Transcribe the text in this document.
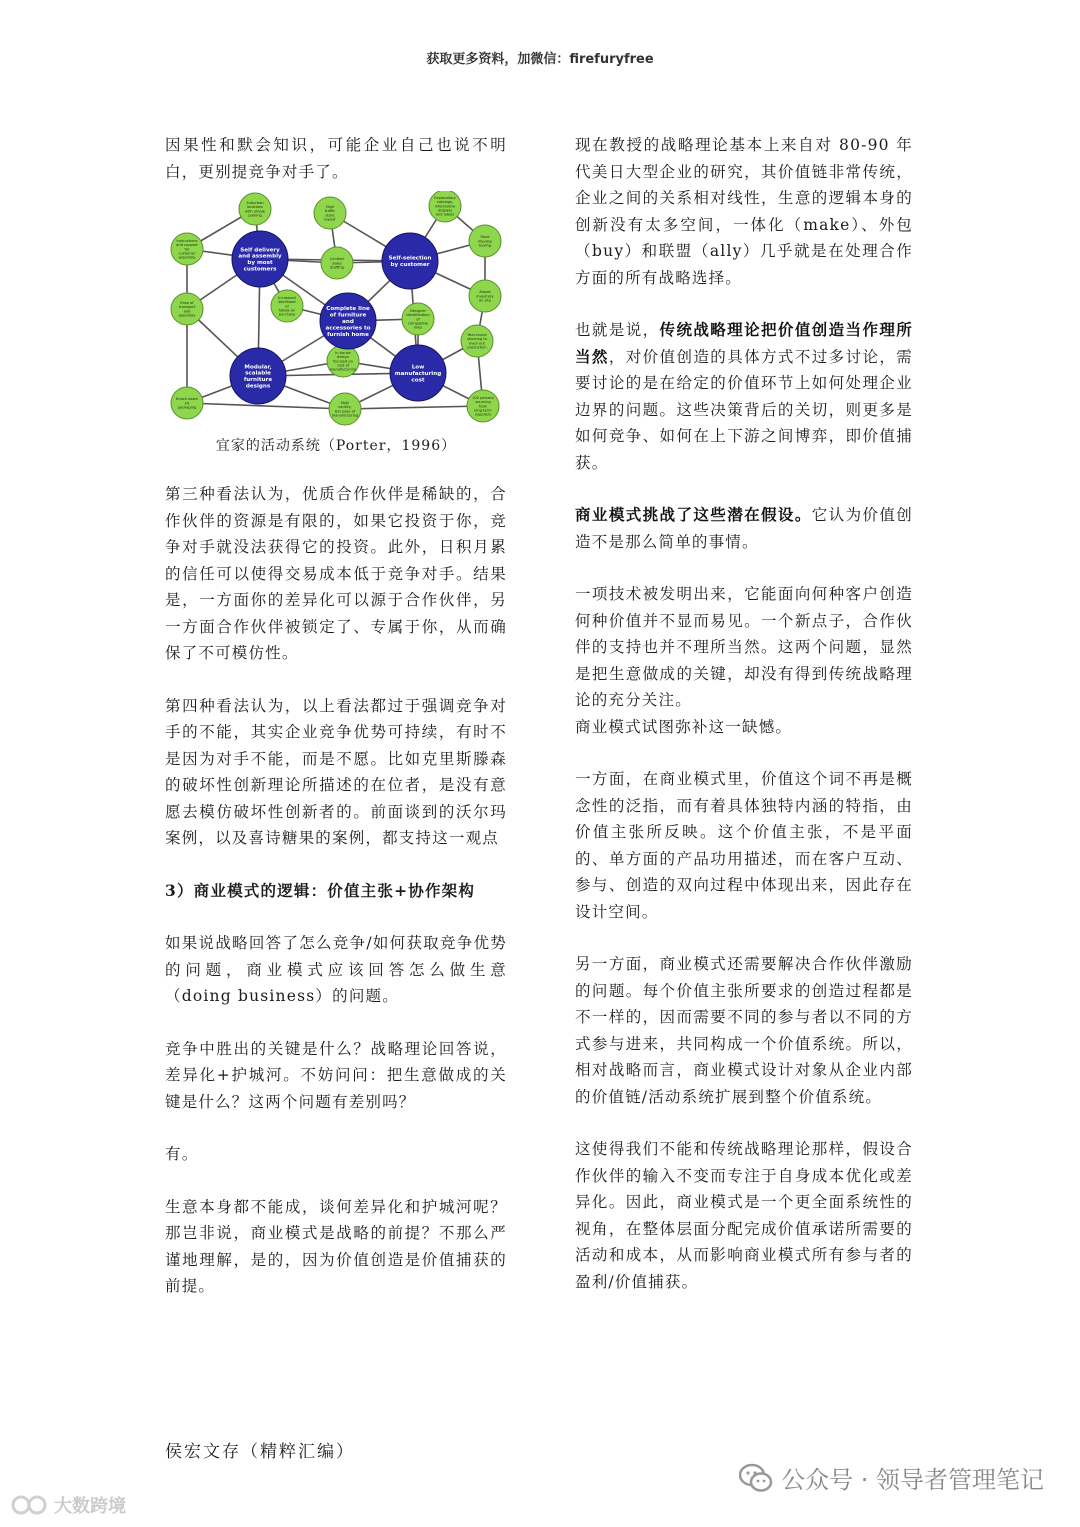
获取更多资料，加微信：firefuryfree

因果性和默会知识，可能企业自己也说不明白，更别提竞争对手了。

Suburban locations with ample parking
High traffic store layout
Explanatory catalogs, informative displays and labels
Instructions and support for customer assembly	Limited Sales Staffing
More impulse buying
Ease of transport and assembly
Increased likelihood of follow-on purchase
Ample inventory on site
Designer identification of compatible lines
Year-round stocking to even out production
In-house design focused on cost of manufacturing
Knock-down kit packaging
High variety, but ease of manufacturing
100 percent sourcing from long-term suppliers
Self delivery and assembly by most customers
Self-selection by customer
Complete line of furniture and accessories to furnish home
Modular, scalable furniture designs
Low manufacturing cost
宜家的活动系统（Porter，1996）

第三种看法认为，优质合作伙伴是稀缺的，合作伙伴的资源是有限的，如果它投资于你，竞争对手就没法获得它的投资。此外，日积月累的信任可以使得交易成本低于竞争对手。结果是，一方面你的差异化可以源于合作伙伴，另一方面合作伙伴被锁定了、专属于你，从而确保了不可模仿性。

第四种看法认为，以上看法都过于强调竞争对手的不能，其实企业竞争优势可持续，有时不是因为对手不能，而是不愿。比如克里斯滕森的破坏性创新理论所描述的在位者，是没有意愿去模仿破坏性创新者的。前面谈到的沃尔玛案例，以及喜诗糖果的案例，都支持这一观点

3）商业模式的逻辑：价值主张+协作架构

如果说战略回答了怎么竞争/如何获取竞争优势的问题，商业模式应该回答怎么做生意（doing business）的问题。

竞争中胜出的关键是什么？战略理论回答说，差异化+护城河。不妨问问：把生意做成的关键是什么？这两个问题有差别吗？

有。

生意本身都不能成，谈何差异化和护城河呢？那岂非说，商业模式是战略的前提？不那么严谨地理解，是的，因为价值创造是价值捕获的前提。

现在教授的战略理论基本上来自对 80-90 年代美日大型企业的研究，其价值链非常传统，企业之间的关系相对线性，生意的逻辑本身的创新没有太多空间，一体化（make）、外包（buy）和联盟（ally）几乎就是在处理合作方面的所有战略选择。

也就是说，传统战略理论把价值创造当作理所当然，对价值创造的具体方式不过多讨论，需要讨论的是在给定的价值环节上如何处理企业边界的问题。这些决策背后的关切，则更多是如何竞争、如何在上下游之间博弈，即价值捕获。

商业模式挑战了这些潜在假设。它认为价值创造不是那么简单的事情。

一项技术被发明出来，它能面向何种客户创造何种价值并不显而易见。一个新点子，合作伙伴的支持也并不理所当然。这两个问题，显然是把生意做成的关键，却没有得到传统战略理论的充分关注。

商业模式试图弥补这一缺憾。

一方面，在商业模式里，价值这个词不再是概念性的泛指，而有着具体独特内涵的特指，由价值主张所反映。这个价值主张，不是平面的、单方面的产品功用描述，而在客户互动、参与、创造的双向过程中体现出来，因此存在设计空间。

另一方面，商业模式还需要解决合作伙伴激励的问题。每个价值主张所要求的创造过程都是不一样的，因而需要不同的参与者以不同的方式参与进来，共同构成一个价值系统。所以，相对战略而言，商业模式设计对象从企业内部的价值链/活动系统扩展到整个价值系统。

这使得我们不能和传统战略理论那样，假设合作伙伴的输入不变而专注于自身成本优化或差异化。因此，商业模式是一个更全面系统性的视角，在整体层面分配完成价值承诺所需要的活动和成本，从而影响商业模式所有参与者的盈利/价值捕获。

侯宏文存（精粹汇编）
公众号 · 领导者管理笔记
大数跨境
